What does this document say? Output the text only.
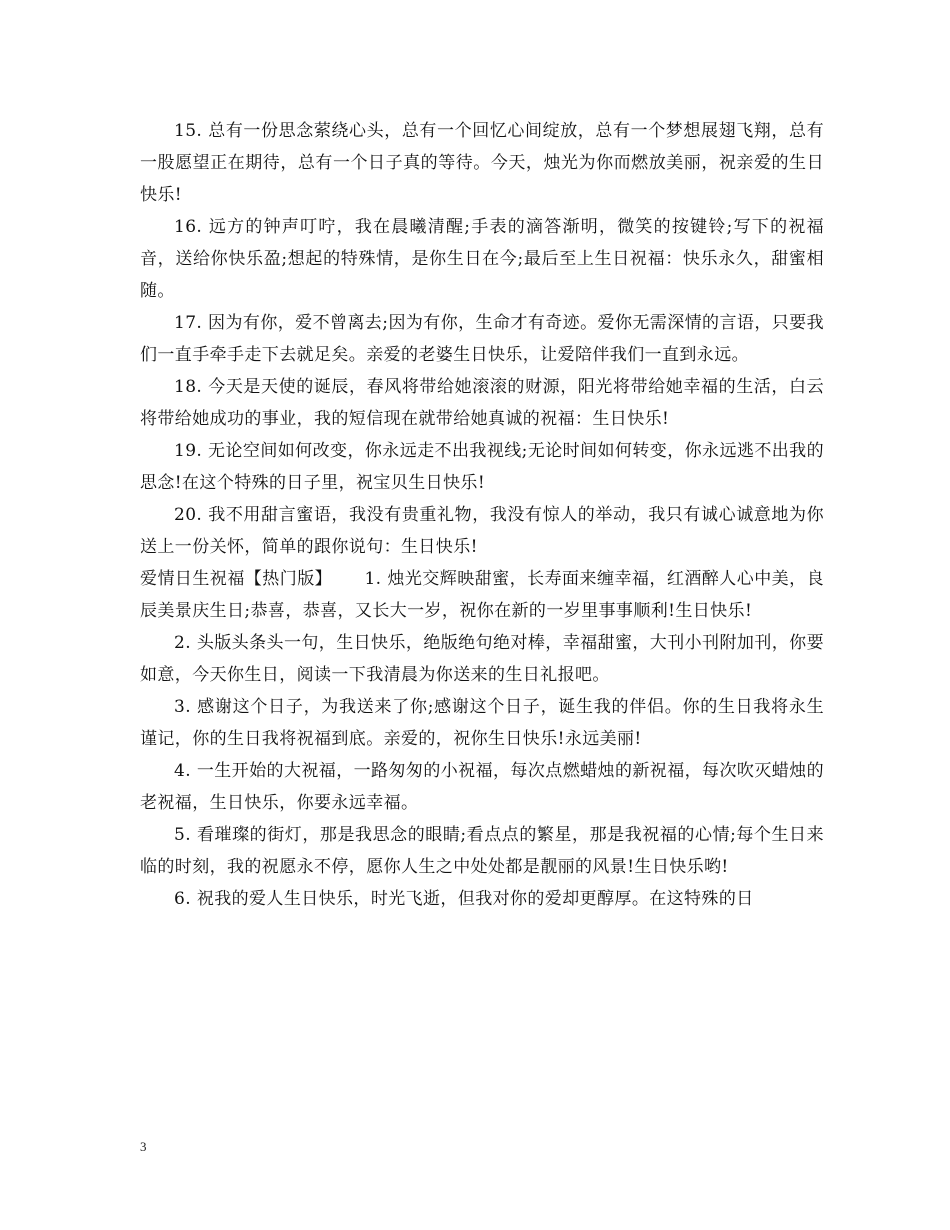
15. 总有一份思念萦绕心头，总有一个回忆心间绽放，总有一个梦想展翅飞翔，总有一股愿望正在期待，总有一个日子真的等待。今天，烛光为你而燃放美丽，祝亲爱的生日快乐!

16. 远方的钟声叮咛，我在晨曦清醒;手表的滴答渐明，微笑的按键铃;写下的祝福音，送给你快乐盈;想起的特殊情，是你生日在今;最后至上生日祝福：快乐永久，甜蜜相随。

17. 因为有你，爱不曾离去;因为有你，生命才有奇迹。爱你无需深情的言语，只要我们一直手牵手走下去就足矣。亲爱的老婆生日快乐，让爱陪伴我们一直到永远。

18. 今天是天使的诞辰，春风将带给她滚滚的财源，阳光将带给她幸福的生活，白云将带给她成功的事业，我的短信现在就带给她真诚的祝福：生日快乐!

19. 无论空间如何改变，你永远走不出我视线;无论时间如何转变，你永远逃不出我的思念!在这个特殊的日子里，祝宝贝生日快乐!

20. 我不用甜言蜜语，我没有贵重礼物，我没有惊人的举动，我只有诚心诚意地为你送上一份关怀，简单的跟你说句：生日快乐!

爱情日生祝福【热门版】　　 1. 烛光交辉映甜蜜，长寿面来缠幸福，红酒醉人心中美，良辰美景庆生日;恭喜，恭喜，又长大一岁，祝你在新的一岁里事事顺利!生日快乐!

2. 头版头条头一句，生日快乐，绝版绝句绝对棒，幸福甜蜜，大刊小刊附加刊，你要如意，今天你生日，阅读一下我清晨为你送来的生日礼报吧。

3. 感谢这个日子，为我送来了你;感谢这个日子，诞生我的伴侣。你的生日我将永生谨记，你的生日我将祝福到底。亲爱的，祝你生日快乐!永远美丽!

4. 一生开始的大祝福，一路匆匆的小祝福，每次点燃蜡烛的新祝福，每次吹灭蜡烛的老祝福，生日快乐，你要永远幸福。

5. 看璀璨的街灯，那是我思念的眼睛;看点点的繁星，那是我祝福的心情;每个生日来临的时刻，我的祝愿永不停，愿你人生之中处处都是靓丽的风景!生日快乐哟!

6. 祝我的爱人生日快乐，时光飞逝，但我对你的爱却更醇厚。在这特殊的日

3
